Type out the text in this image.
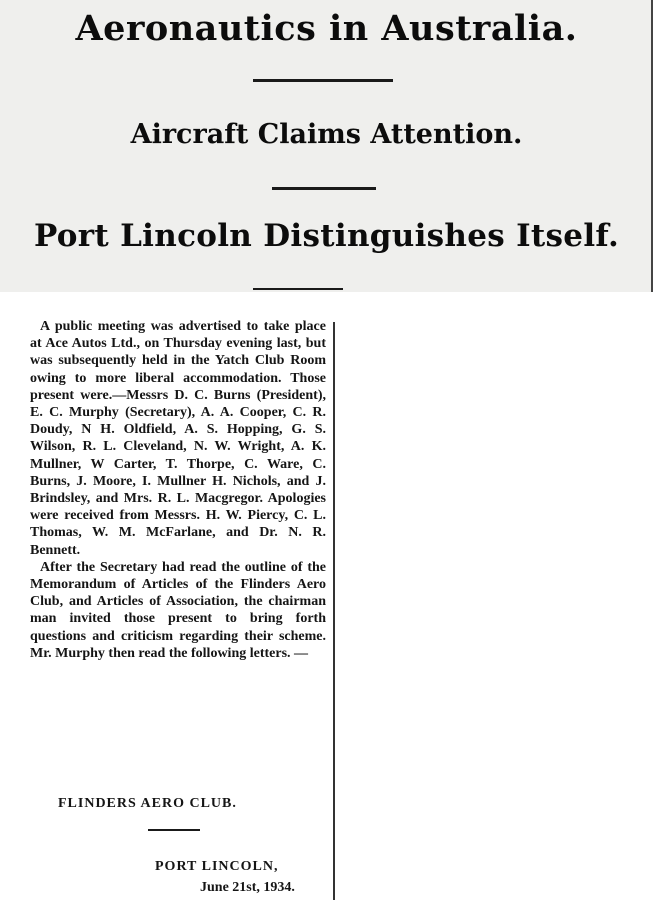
Aeronautics in Australia.
Aircraft Claims Attention.
Port Lincoln Distinguishes Itself.

A public meeting was advertised to take place at Ace Autos Ltd., on Thursday evening last, but was subsequently held in the Yatch Club Room owing to more liberal accommodation. Those present were.—Messrs D. C. Burns (President), E. C. Murphy (Secretary), A. A. Cooper, C. R. Doudy, N H. Oldfield, A. S. Hopping, G. S. Wilson, R. L. Cleveland, N. W. Wright, A. K. Mullner, W Carter, T. Thorpe, C. Ware, C. Burns, J. Moore, I. Mullner H. Nichols, and J. Brindsley, and Mrs. R. L. Macgregor. Apologies were received from Messrs. H. W. Piercy, C. L. Thomas, W. M. McFarlane, and Dr. N. R. Bennett.

After the Secretary had read the outline of the Memorandum of Articles of the Flinders Aero Club, and Articles of Association, the chairman man invited those present to bring forth questions and criticism regarding their scheme. Mr. Murphy then read the following letters. —

FLINDERS AERO CLUB.
PORT LINCOLN,
June 21st, 1934.
